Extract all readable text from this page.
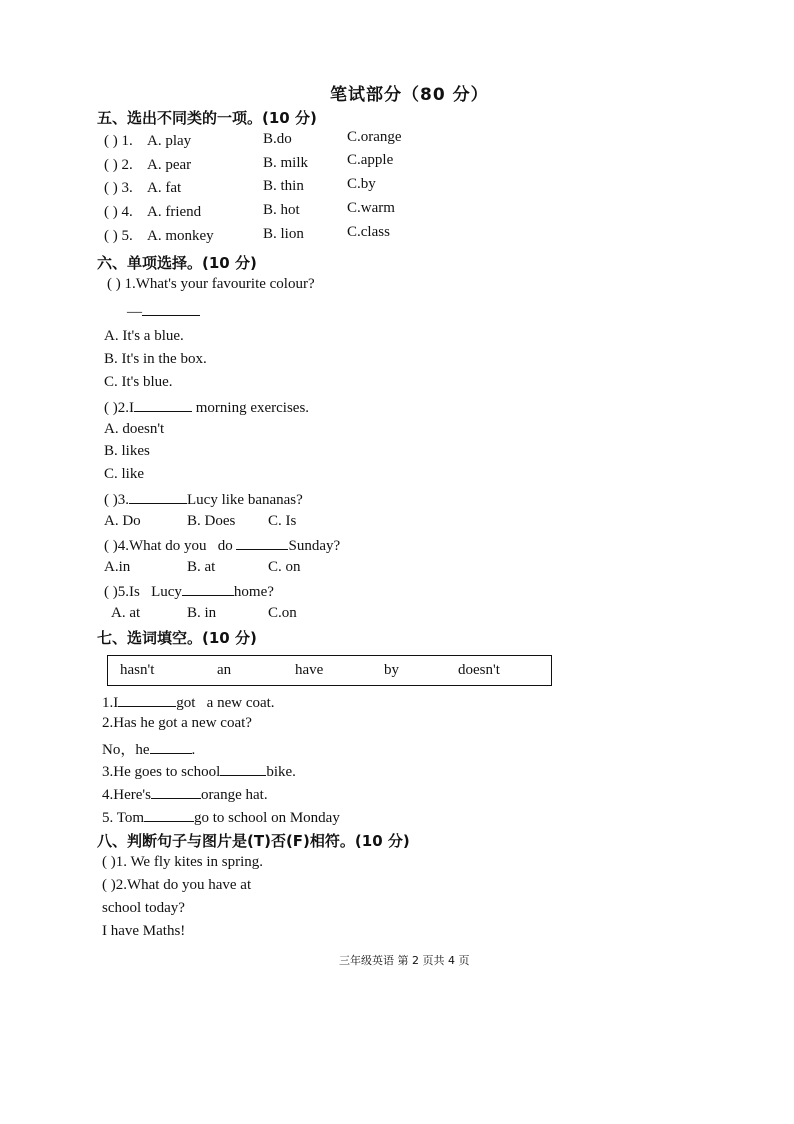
笔试部分（80 分）
五、选出不同类的一项。(10 分)
( ) 1. A. play	B.do	C.orange
( ) 2. A. pear	B. milk	C.apple
( ) 3. A. fat	B. thin	C.by
( ) 4. A. friend	B. hot	C.warm
( ) 5. A. monkey	B. lion	C.class
六、单项选择。(10 分)
( ) 1.What's your favourite colour?
—
A. It's a blue.
B. It's in the box.
C. It's blue.
( )2.I	morning exercises.
A. doesn't
B. likes
C. like
( )3.	Lucy like bananas?
A. Do	B. Does C. Is
( )4.What do you   do	Sunday?
A.in	B. at	C. on
( )5.Is   Lucy	home?
A. at	B. in	C.on
七、选词填空。(10 分)
hasn't	an	have	by	doesn't
1.I	got   a new coat.
2.Has he got a new coat?
No，he	.
3.He goes to school	bike.
4.Here's	orange hat.
5. Tom	go to school on Monday
八、判断句子与图片是(T)否(F)相符。(10 分)
( )1. We fly kites in spring.
( )2.What do you have at
school today?
I have Maths!
三年级英语 第 2 页共 4 页
